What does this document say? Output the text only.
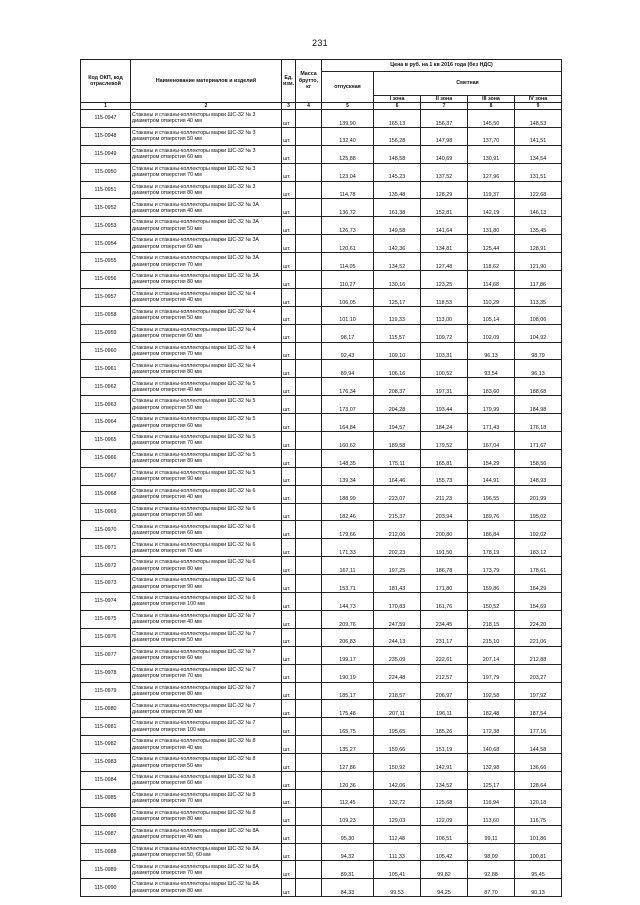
231
Код ОКП, код отраслевой	Наименование материалов и изделий	Ед. изм.	Масса брутто, кг	Цена в руб. на 1 кв 2016 года (без НДС)				
				отпускная	Сметная			
					I зона	II зона	III зона	IV зона
1	2	3	4	5	6	7	8	9
115-0947	Стаканы и стаканы-коллекторы марки ШС-32 № 3 диаметром отверстия 40 мм	шт		139,90	165,13	156,37	145,50	148,53
115-0948	Стаканы и стаканы-коллекторы марки ШС-32 № 3 диаметром отверстия 50 мм	шт.		132,40	156,28	147,98	137,70	141,51
115-0949	Стаканы и стаканы-коллекторы марки ШС-32 № 3 диаметром отверстия 60 мм	шт.		125,88	148,58	140,69	130,91	134,54
115-0950	Стаканы и стаканы-коллекторы марки ШС-32 № 3 диаметром отверстия 70 мм	шт.		123,04	145,23	137,52	127,96	131,51
115-0951	Стаканы и стаканы-коллекторы марки ШС-32 № 3 диаметром отверстия 80 мм	шт.		114,78	135,48	128,29	119,37	122,68
115-0952	Стаканы и стаканы-коллекторы марки ШС-32 № 3А диаметром отверстия 40 мм	шт.		136,72	161,38	152,81	142,19	146,13
115-0953	Стаканы и стаканы-коллекторы марки ШС-32 № 3А диаметром отверстия 50 мм	шт.		126,73	149,58	141,64	131,80	135,45
115-0954	Стаканы и стаканы-коллекторы марки ШС-32 № 3А диаметром отверстия 60 мм	шт.		120,61	142,36	134,81	125,44	128,91
115-0955	Стаканы и стаканы-коллекторы марки ШС-32 № 3А диаметром отверстия 70 мм	шт.		114,05	134,52	127,48	118,62	121,90
115-0956	Стаканы и стаканы-коллекторы марки ШС-32 № 3А диаметром отверстия 80 мм	шт.		110,27	130,16	123,25	114,68	117,86
115-0957	Стаканы и стаканы-коллекторы марки ШС-32 № 4 диаметром отверстия 40 мм	шт.		106,05	125,17	118,53	110,29	113,35
115-0958	Стаканы и стаканы-коллекторы марки ШС-32 № 4 диаметром отверстия 50 мм	шт.		101,10	119,33	113,00	105,14	108,06
115-0959	Стаканы и стаканы-коллекторы марки ШС-32 № 4 диаметром отверстия 60 мм	шт.		98,17	115,57	109,72	102,09	104,92
115-0960	Стаканы и стаканы-коллекторы марки ШС-32 № 4 диаметром отверстия 70 мм	шт.		92,43	109,10	103,31	96,13	98,79
115-0961	Стаканы и стаканы-коллекторы марки ШС-32 № 4 диаметром отверстия 80 мм	шт.		89,94	106,16	100,52	93,54	96,13
115-0962	Стаканы и стаканы-коллекторы марки ШС-32 № 5 диаметром отверстия 40 мм	шт.		176,34	208,37	197,31	183,60	188,68
115-0963	Стаканы и стаканы-коллекторы марки ШС-32 № 5 диаметром отверстия 50 мм	шт.		173,07	204,28	193,44	179,99	184,98
115-0964	Стаканы и стаканы-коллекторы марки ШС-32 № 5 диаметром отверстия 60 мм	шт.		164,84	194,57	184,24	171,43	176,18
115-0965	Стаканы и стаканы-коллекторы марки ШС-32 № 5 диаметром отверстия 70 мм	шт.		160,62	189,58	179,52	167,04	171,67
115-0966	Стаканы и стаканы-коллекторы марки ШС-32 № 5 диаметром отверстия 80 мм	шт.		148,35	175,11	165,81	154,29	158,56
115-0967	Стаканы и стаканы-коллекторы марки ШС-32 № 5 диаметром отверстия 90 мм	шт.		139,34	164,46	155,73	144,91	148,93
115-0968	Стаканы и стаканы-коллекторы марки ШС-32 № 6 диаметром отверстия 40 мм	шт.		188,99	223,07	211,23	196,55	201,99
115-0969	Стаканы и стаканы-коллекторы марки ШС-32 № 6 диаметром отверстия 50 мм	шт.		182,46	215,37	203,94	189,76	195,02
115-0970	Стаканы и стаканы-коллекторы марки ШС-32 № 6 диаметром отверстия 60 мм	шт.		179,66	212,06	200,80	186,84	192,02
115-0971	Стаканы и стаканы-коллекторы марки ШС-32 № 6 диаметром отверстия 70 мм	шт.		171,33	202,23	191,50	178,19	183,12
115-0972	Стаканы и стаканы-коллекторы марки ШС-32 № 6 диаметром отверстия 80 мм	шт.		167,11	197,25	186,78	173,79	178,61
115-0973	Стаканы и стаканы-коллекторы марки ШС-32 № 6 диаметром отверстия 90 мм	шт.		153,71	181,43	171,80	159,86	164,29
115-0974	Стаканы и стаканы-коллекторы марки ШС-32 № 6 диаметром отверстия 100 мм	шт.		144,73	170,83	161,76	150,52	154,69
115-0975	Стаканы и стаканы-коллекторы марки ШС-32 № 7 диаметром отверстия 40 мм	шт.		209,76	247,59	234,45	218,15	224,20
115-0976	Стаканы и стаканы-коллекторы марки ШС-32 № 7 диаметром отверстия 50 мм	шт.		206,83	244,13	231,17	215,10	221,06
115-0977	Стаканы и стаканы-коллекторы марки ШС-32 № 7 диаметром отверстия 60 мм	шт.		199,17	235,09	222,61	207,14	212,88
115-0978	Стаканы и стаканы-коллекторы марки ШС-32 № 7 диаметром отверстия 70 мм	шт.		190,19	224,48	212,57	197,79	203,27
115-0979	Стаканы и стаканы-коллекторы марки ШС-32 № 7 диаметром отверстия 80 мм	шт.		185,17	218,57	206,97	192,58	197,92
115-0980	Стаканы и стаканы-коллекторы марки ШС-32 № 7 диаметром отверстия 90 мм	шт.		175,48	207,11	196,11	182,48	187,54
115-0981	Стаканы и стаканы-коллекторы марки ШС-32 № 7 диаметром отверстия 100 мм	шт.		165,75	195,65	185,26	172,38	177,16
115-0982	Стаканы и стаканы-коллекторы марки ШС-32 № 8 диаметром отверстия 40 мм	шт.		135,27	159,66	151,19	140,68	144,58
115-0983	Стаканы и стаканы-коллекторы марки ШС-32 № 8 диаметром отверстия 50 мм	шт.		127,86	150,92	142,91	132,98	136,66
115-0984	Стаканы и стаканы-коллекторы марки ШС-32 № 8 диаметром отверстия 60 мм	шт.		120,36	142,06	134,52	125,17	128,64
115-0985	Стаканы и стаканы-коллекторы марки ШС-32 № 8 диаметром отверстия 70 мм	шт.		112,45	132,72	125,68	116,94	120,18
115-0986	Стаканы и стаканы-коллекторы марки ШС-32 № 8 диаметром отверстия 80 мм	шт.		109,23	129,03	122,09	113,60	116,75
115-0987	Стаканы и стаканы-коллекторы марки ШС-32 № 8А диаметром отверстия 40 мм	шт.		95,30	112,48	106,51	99,11	101,86
115-0988	Стаканы и стаканы-коллекторы марки ШС-32 № 8А диаметром отверстия 50, 60 мм	шт.		94,32	111,33	105,42	98,09	100,81
115-0989	Стаканы и стаканы-коллекторы марки ШС-32 № 8А диаметром отверстия 70 мм	шт.		89,31	105,41	99,82	92,88	95,45
115-0990	Стаканы и стаканы-коллекторы марки ШС-32 № 8А диаметром отверстия 80 мм	шт.		84,33	99,53	94,25	87,70	90,13
